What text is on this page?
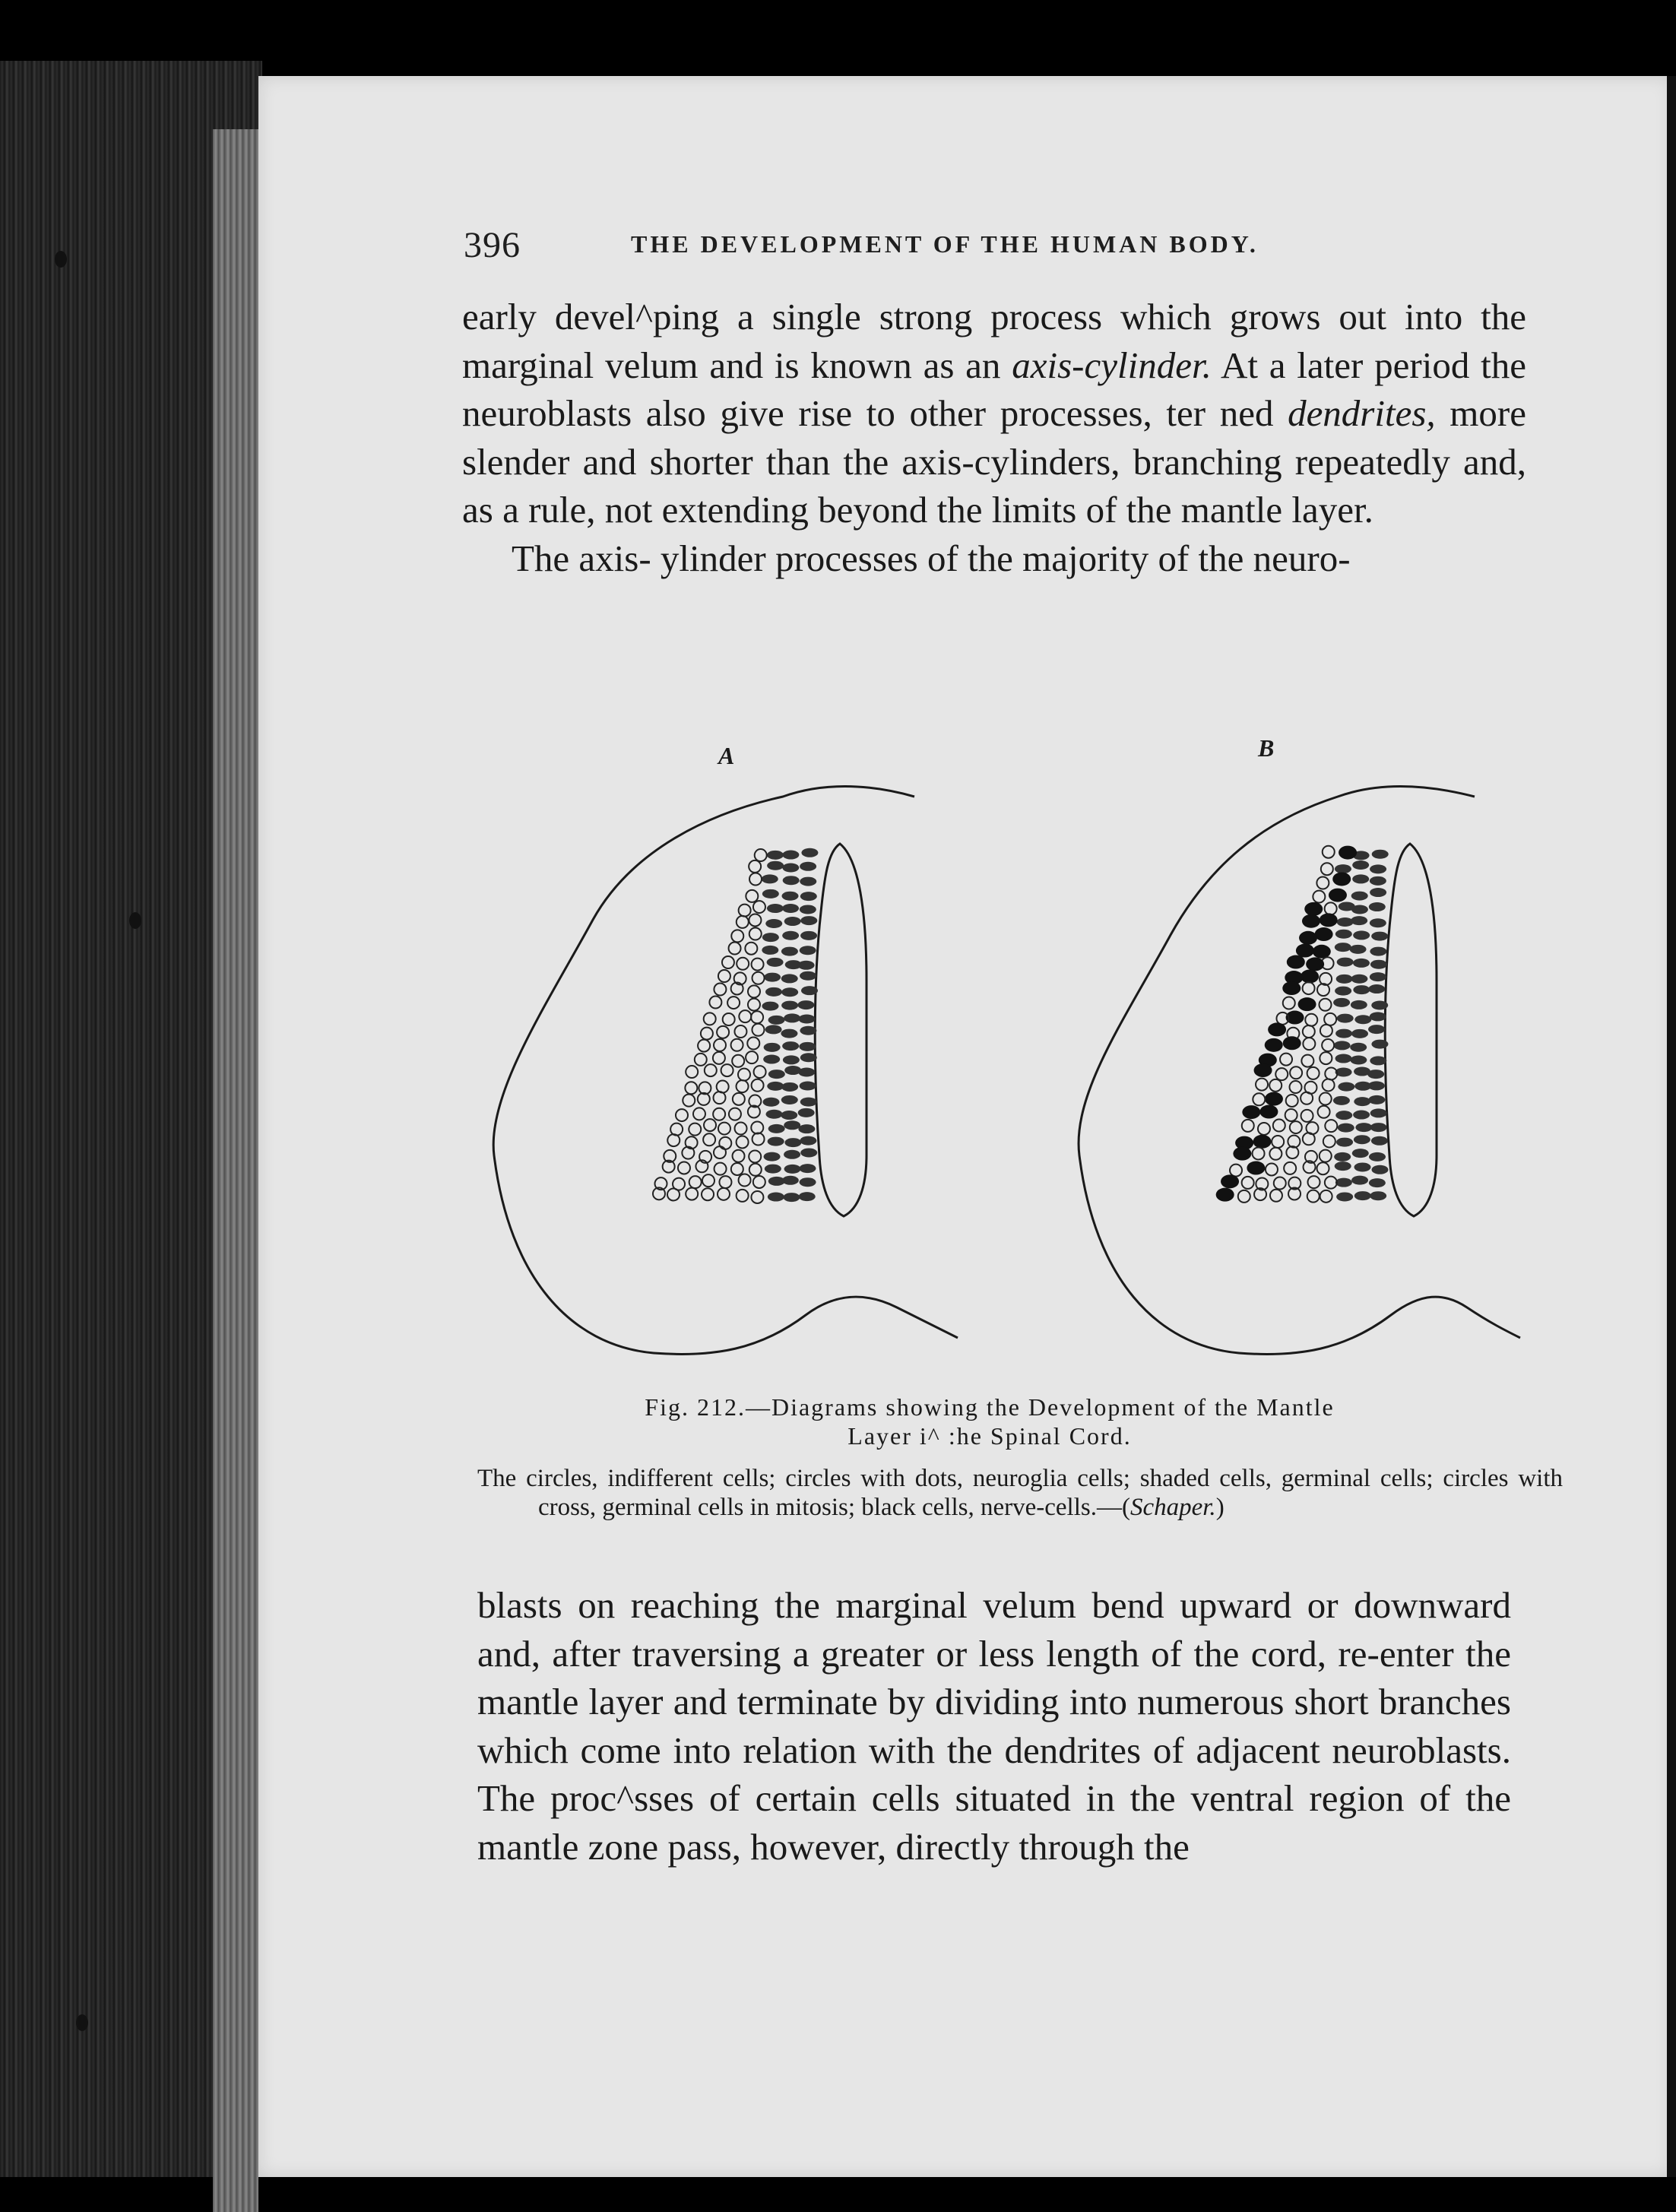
396	THE DEVELOPMENT OF THE HUMAN BODY.

early devel^ping a single strong process which grows out into the marginal velum and is known as an axis-cylinder. At a later period the neuroblasts also give rise to other processes, ter ned dendrites, more slender and shorter than the axis-cylinders, branching repeatedly and, as a rule, not extending beyond the limits of the mantle layer.

The axis- ylinder processes of the majority of the neuro-

A	B
Fig. 212.—Diagrams showing the Development of the Mantle
Layer i^ :he Spinal Cord.
The circles, indifferent cells; circles with dots, neuroglia cells; shaded cells, germinal cells; circles with cross, germinal cells in mitosis; black cells, nerve-cells.—(Schaper.)

blasts on reaching the marginal velum bend upward or downward and, after traversing a greater or less length of the cord, re-enter the mantle layer and terminate by dividing into numerous short branches which come into relation with the dendrites of adjacent neuroblasts. The proc^sses of certain cells situated in the ventral region of the mantle zone pass, however, directly through the
